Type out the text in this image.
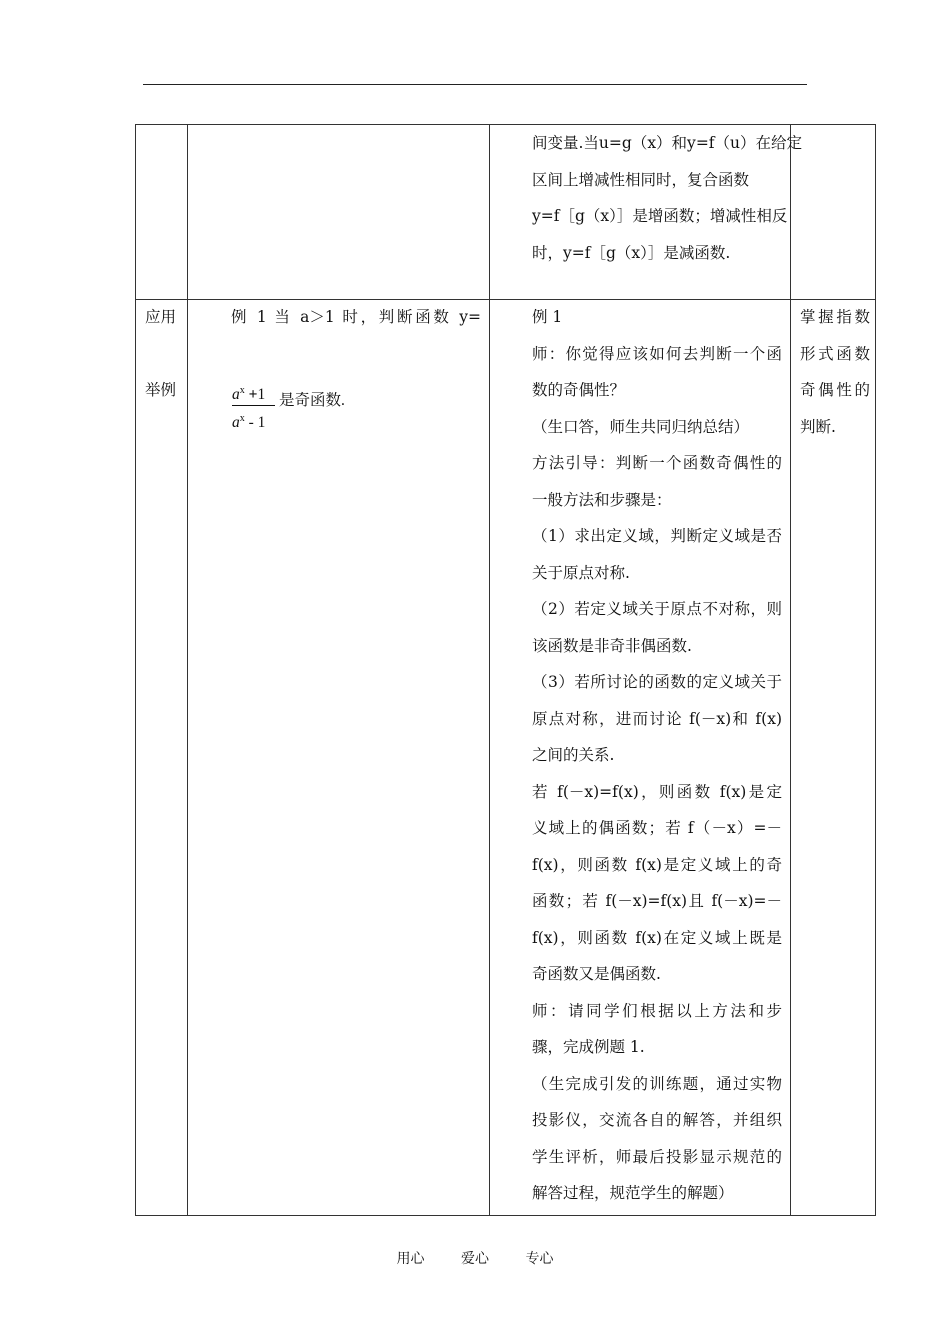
间变量.当u=g（x）和y=f（u）在给定
区间上增减性相同时，复合函数
y=f［g（x）］是增函数；增减性相反
时，y=f［g（x）］是减函数.
应用
举例
例 1 当 a＞1 时，判断函数 y=
$a^x +1$
$a^x - 1$
是奇函数.
例 1
师：你觉得应该如何去判断一个函
数的奇偶性？
（生口答，师生共同归纳总结）
方法引导：判断一个函数奇偶性的
一般方法和步骤是：
（1）求出定义域，判断定义域是否
关于原点对称.
（2）若定义域关于原点不对称，则
该函数是非奇非偶函数.
（3）若所讨论的函数的定义域关于
原点对称，进而讨论 f(－x)和 f(x)
之间的关系.
若 f(－x)=f(x)，则函数 f(x)是定
义域上的偶函数；若 f（－x）=－
f(x)，则函数 f(x)是定义域上的奇
函数；若 f(－x)=f(x)且 f(－x)=－
f(x)，则函数 f(x)在定义域上既是
奇函数又是偶函数.
师：请同学们根据以上方法和步
骤，完成例题 1.
（生完成引发的训练题，通过实物
投影仪，交流各自的解答，并组织
学生评析，师最后投影显示规范的
解答过程，规范学生的解题）
掌握指数
形式函数
奇偶性的
判断.
用心	爱心	专心
